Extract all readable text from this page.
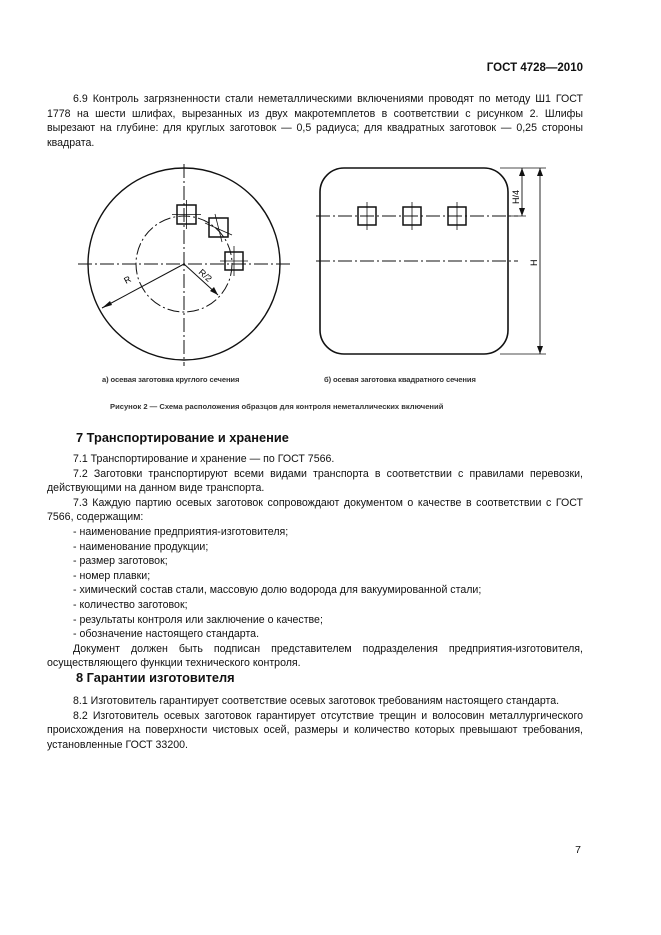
ГОСТ 4728—2010

6.9 Контроль загрязненности стали неметаллическими включениями проводят по методу Ш1 ГОСТ 1778 на шести шлифах, вырезанных из двух макротемплетов в соответствии с рисунком 2. Шлифы вырезают на глубине: для круглых заготовок — 0,5 радиуса; для квадратных заготовок — 0,25 стороны квадрата.

R	R/2
H/4
H
а) осевая заготовка круглого сечения	б) осевая заготовка квадратного сечения
Рисунок 2 — Схема расположения образцов для контроля неметаллических включений
7 Транспортирование и хранение

7.1 Транспортирование и хранение — по ГОСТ 7566.

7.2 Заготовки транспортируют всеми видами транспорта в соответствии с правилами перевозки, действующими на данном виде транспорта.

7.3 Каждую партию осевых заготовок сопровождают документом о качестве в соответствии с ГОСТ 7566, содержащим:

- наименование предприятия-изготовителя;
- наименование продукции;
- размер заготовок;
- номер плавки;
- химический состав стали, массовую долю водорода для вакуумированной стали;
- количество заготовок;
- результаты контроля или заключение о качестве;
- обозначение настоящего стандарта.

Документ должен быть подписан представителем подразделения предприятия-изготовителя, осуществляющего функции технического контроля.

8 Гарантии изготовителя

8.1 Изготовитель гарантирует соответствие осевых заготовок требованиям настоящего стандарта.

8.2 Изготовитель осевых заготовок гарантирует отсутствие трещин и волосовин металлургического происхождения на поверхности чистовых осей, размеры и количество которых превышают требования, установленные ГОСТ 33200.

7
